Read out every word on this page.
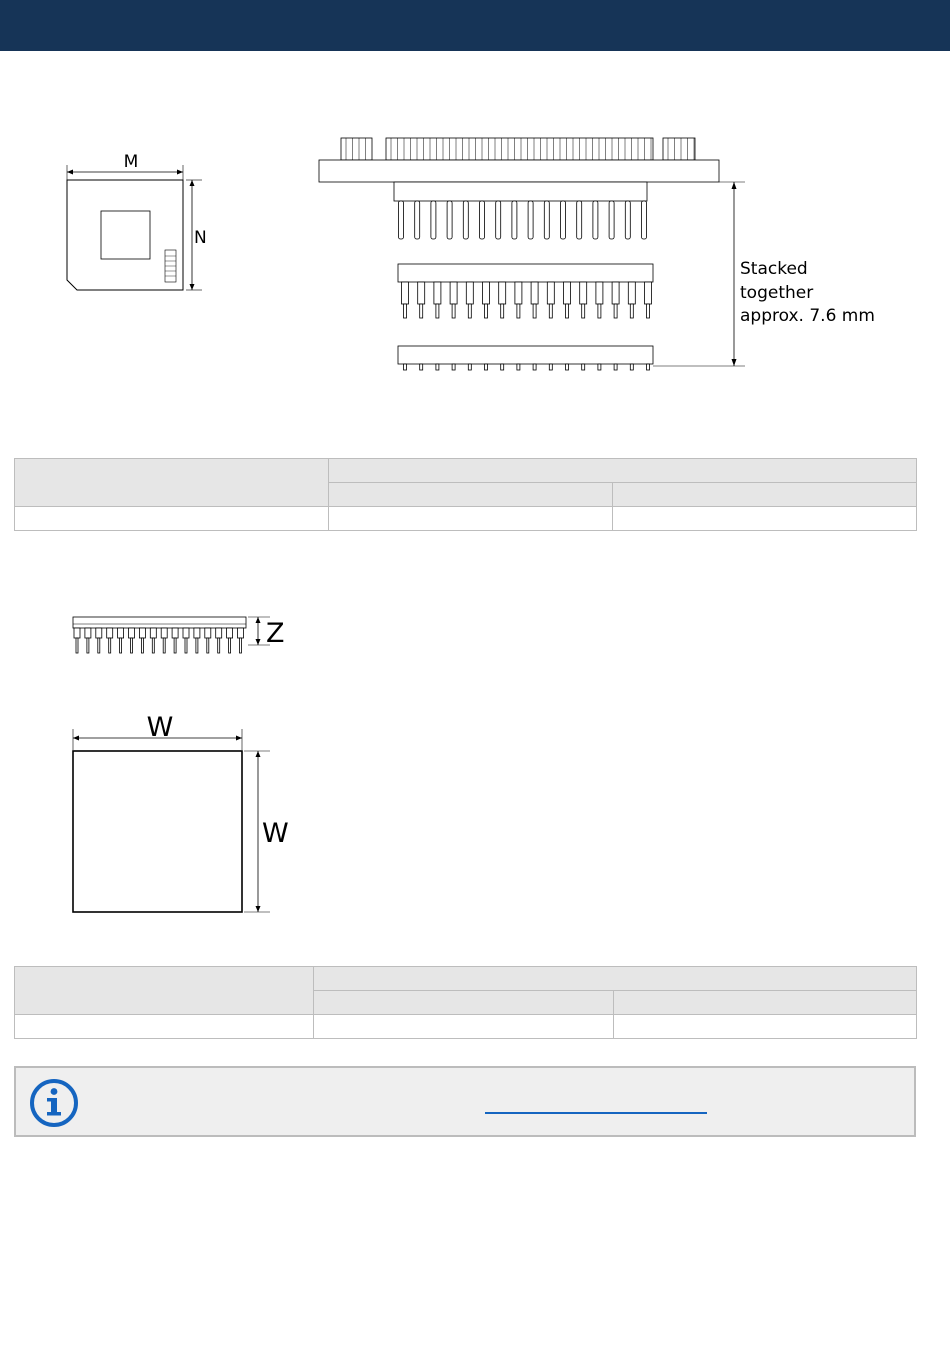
M
N
Stacked
together
approx. 7.6 mm

Z
W
W
